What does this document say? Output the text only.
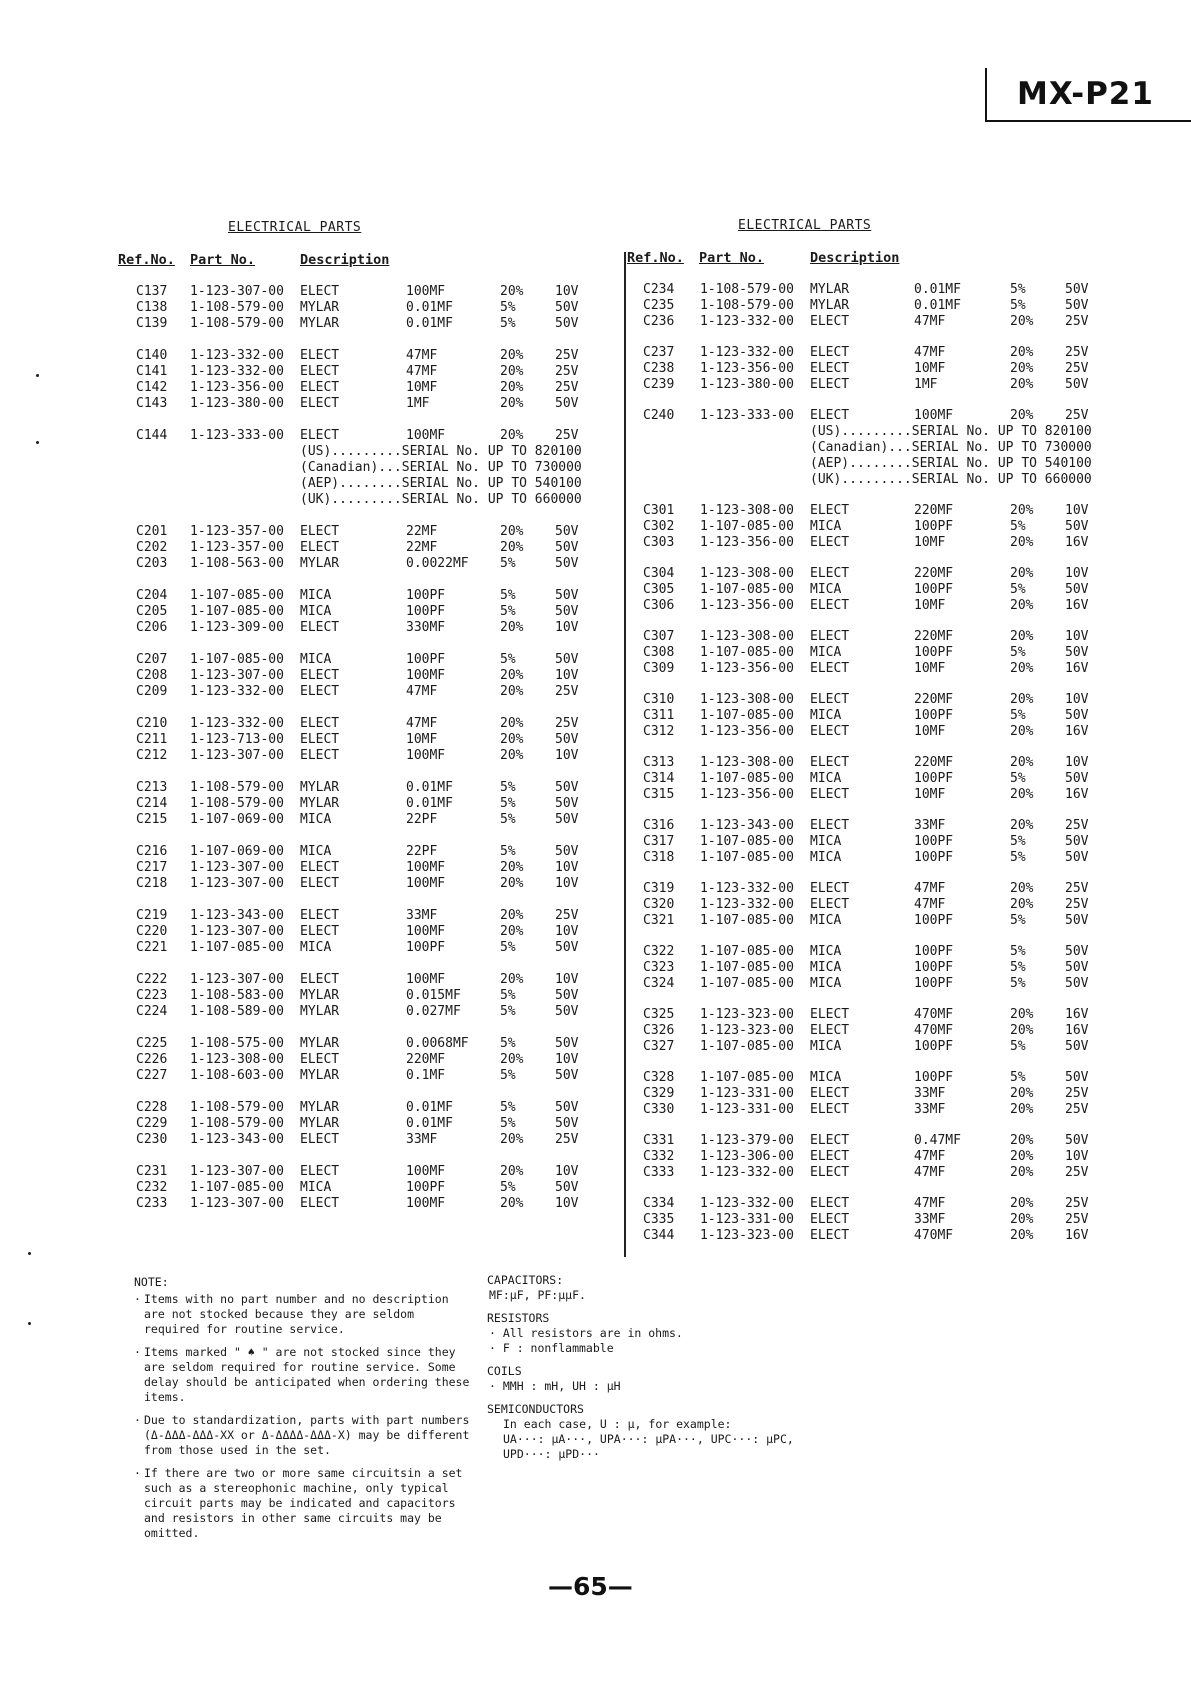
MX-P21
ELECTRICAL PARTS
Ref.No. Part No.	Description
C137 1-123-307-00 ELECT	100MF	20% 10V
C138 1-108-579-00 MYLAR	0.01MF	5%	50V
C139 1-108-579-00 MYLAR	0.01MF	5%	50V
C140 1-123-332-00 ELECT	47MF	20% 25V
C141 1-123-332-00 ELECT	47MF	20% 25V
C142 1-123-356-00 ELECT	10MF	20% 25V
C143 1-123-380-00 ELECT	1MF	20% 50V
C144 1-123-333-00 ELECT	100MF	20% 25V
(US).........SERIAL No. UP TO 820100
(Canadian)...SERIAL No. UP TO 730000
(AEP)........SERIAL No. UP TO 540100
(UK).........SERIAL No. UP TO 660000
C201 1-123-357-00 ELECT	22MF	20% 50V
C202 1-123-357-00 ELECT	22MF	20% 50V
C203 1-108-563-00 MYLAR	0.0022MF 5%	50V
C204 1-107-085-00 MICA	100PF	5%	50V
C205 1-107-085-00 MICA	100PF	5%	50V
C206 1-123-309-00 ELECT	330MF	20% 10V
C207 1-107-085-00 MICA	100PF	5%	50V
C208 1-123-307-00 ELECT	100MF	20% 10V
C209 1-123-332-00 ELECT	47MF	20% 25V
C210 1-123-332-00 ELECT	47MF	20% 25V
C211 1-123-713-00 ELECT	10MF	20% 50V
C212 1-123-307-00 ELECT	100MF	20% 10V
C213 1-108-579-00 MYLAR	0.01MF	5%	50V
C214 1-108-579-00 MYLAR	0.01MF	5%	50V
C215 1-107-069-00 MICA	22PF	5%	50V
C216 1-107-069-00 MICA	22PF	5%	50V
C217 1-123-307-00 ELECT	100MF	20% 10V
C218 1-123-307-00 ELECT	100MF	20% 10V
C219 1-123-343-00 ELECT	33MF	20% 25V
C220 1-123-307-00 ELECT	100MF	20% 10V
C221 1-107-085-00 MICA	100PF	5%	50V
C222 1-123-307-00 ELECT	100MF	20% 10V
C223 1-108-583-00 MYLAR	0.015MF	5%	50V
C224 1-108-589-00 MYLAR	0.027MF	5%	50V
C225 1-108-575-00 MYLAR	0.0068MF 5%	50V
C226 1-123-308-00 ELECT	220MF	20% 10V
C227 1-108-603-00 MYLAR	0.1MF	5%	50V
C228 1-108-579-00 MYLAR	0.01MF	5%	50V
C229 1-108-579-00 MYLAR	0.01MF	5%	50V
C230 1-123-343-00 ELECT	33MF	20% 25V
C231 1-123-307-00 ELECT	100MF	20% 10V
C232 1-107-085-00 MICA	100PF	5%	50V
C233 1-123-307-00 ELECT	100MF	20% 10V
ELECTRICAL PARTS
Ref.No. Part No.	Description
C234 1-108-579-00 MYLAR	0.01MF	5%	50V
C235 1-108-579-00 MYLAR	0.01MF	5%	50V
C236 1-123-332-00 ELECT	47MF	20% 25V
C237 1-123-332-00 ELECT	47MF	20% 25V
C238 1-123-356-00 ELECT	10MF	20% 25V
C239 1-123-380-00 ELECT	1MF	20% 50V
C240 1-123-333-00 ELECT	100MF	20% 25V
(US).........SERIAL No. UP TO 820100
(Canadian)...SERIAL No. UP TO 730000
(AEP)........SERIAL No. UP TO 540100
(UK).........SERIAL No. UP TO 660000
C301 1-123-308-00 ELECT	220MF	20% 10V
C302 1-107-085-00 MICA	100PF	5%	50V
C303 1-123-356-00 ELECT	10MF	20% 16V
C304 1-123-308-00 ELECT	220MF	20% 10V
C305 1-107-085-00 MICA	100PF	5%	50V
C306 1-123-356-00 ELECT	10MF	20% 16V
C307 1-123-308-00 ELECT	220MF	20% 10V
C308 1-107-085-00 MICA	100PF	5%	50V
C309 1-123-356-00 ELECT	10MF	20% 16V
C310 1-123-308-00 ELECT	220MF	20% 10V
C311 1-107-085-00 MICA	100PF	5%	50V
C312 1-123-356-00 ELECT	10MF	20% 16V
C313 1-123-308-00 ELECT	220MF	20% 10V
C314 1-107-085-00 MICA	100PF	5%	50V
C315 1-123-356-00 ELECT	10MF	20% 16V
C316 1-123-343-00 ELECT	33MF	20% 25V
C317 1-107-085-00 MICA	100PF	5%	50V
C318 1-107-085-00 MICA	100PF	5%	50V
C319 1-123-332-00 ELECT	47MF	20% 25V
C320 1-123-332-00 ELECT	47MF	20% 25V
C321 1-107-085-00 MICA	100PF	5%	50V
C322 1-107-085-00 MICA	100PF	5%	50V
C323 1-107-085-00 MICA	100PF	5%	50V
C324 1-107-085-00 MICA	100PF	5%	50V
C325 1-123-323-00 ELECT	470MF	20% 16V
C326 1-123-323-00 ELECT	470MF	20% 16V
C327 1-107-085-00 MICA	100PF	5%	50V
C328 1-107-085-00 MICA	100PF	5%	50V
C329 1-123-331-00 ELECT	33MF	20% 25V
C330 1-123-331-00 ELECT	33MF	20% 25V
C331 1-123-379-00 ELECT	0.47MF	20% 50V
C332 1-123-306-00 ELECT	47MF	20% 10V
C333 1-123-332-00 ELECT	47MF	20% 25V
C334 1-123-332-00 ELECT	47MF	20% 25V
C335 1-123-331-00 ELECT	33MF	20% 25V
C344 1-123-323-00 ELECT	470MF	20% 16V
NOTE:
· Items with no part number and no description are not stocked because they are seldom required for routine service.
· Items marked " ♠ " are not stocked since they are seldom required for routine service. Some delay should be anticipated when ordering these items.
· Due to standardization, parts with part numbers (Δ-ΔΔΔ-ΔΔΔ-XX or Δ-ΔΔΔΔ-ΔΔΔ-X) may be different from those used in the set.
· If there are two or more same circuitsin a set such as a stereophonic machine, only typical circuit parts may be indicated and capacitors and resistors in other same circuits may be omitted.
CAPACITORS:
MF:μF, PF:μμF.
RESISTORS
· All resistors are in ohms.
· F : nonflammable
COILS
· MMH : mH, UH : μH
SEMICONDUCTORS
In each case, U : μ, for example:
UA···: μA···, UPA···: μPA···, UPC···: μPC,
UPD···: μPD···
—65—
